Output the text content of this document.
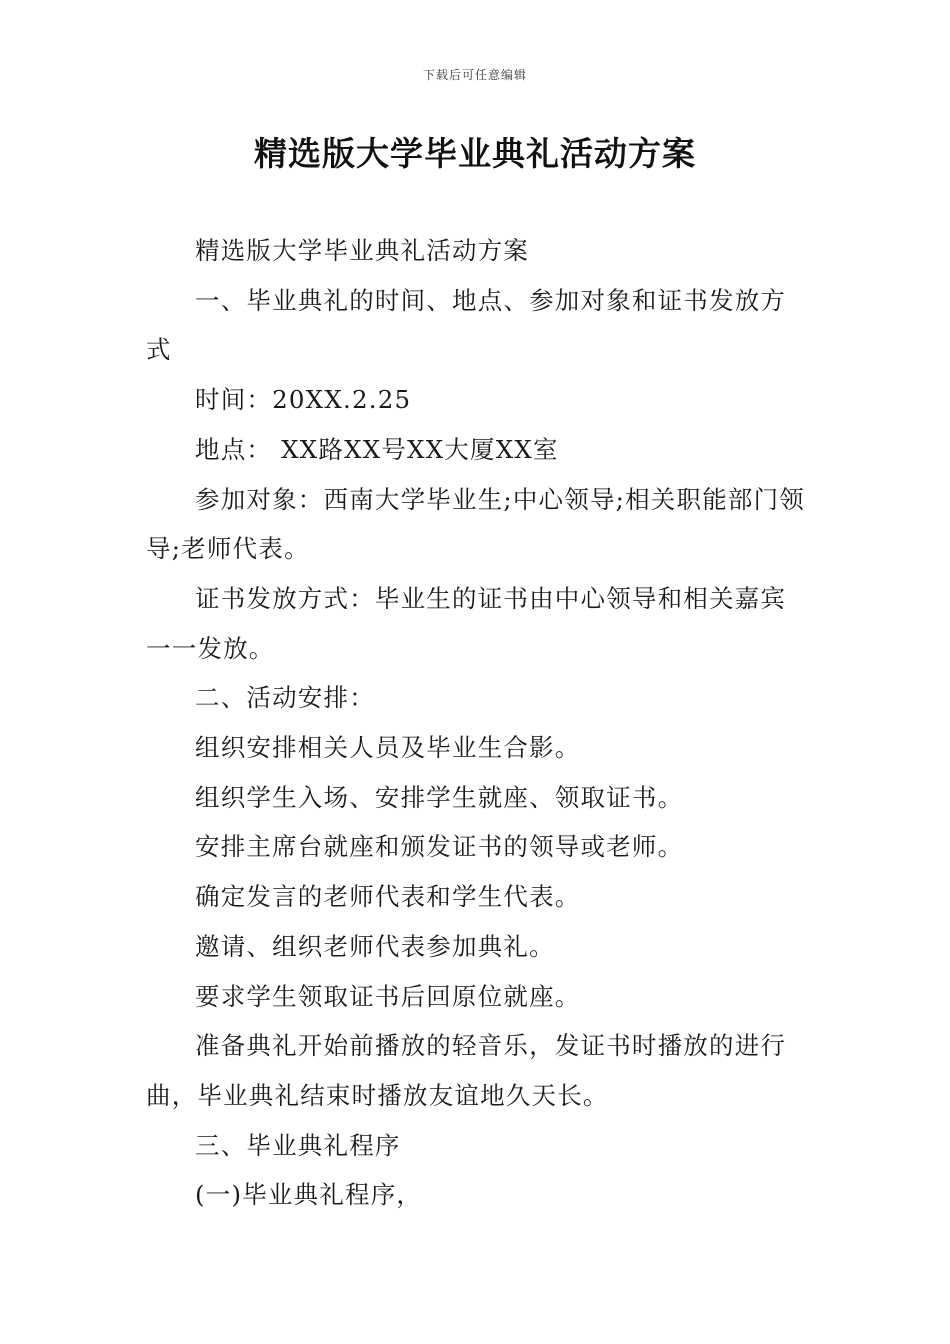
下载后可任意编辑
精选版大学毕业典礼活动方案

精选版大学毕业典礼活动方案

一、毕业典礼的时间、地点、参加对象和证书发放方式

时间：20XX.2.25

地点： XX路XX号XX大厦XX室

参加对象：西南大学毕业生;中心领导;相关职能部门领导;老师代表。

证书发放方式：毕业生的证书由中心领导和相关嘉宾一一发放。

二、活动安排：

组织安排相关人员及毕业生合影。

组织学生入场、安排学生就座、领取证书。

安排主席台就座和颁发证书的领导或老师。

确定发言的老师代表和学生代表。

邀请、组织老师代表参加典礼。

要求学生领取证书后回原位就座。

准备典礼开始前播放的轻音乐，发证书时播放的进行曲，毕业典礼结束时播放友谊地久天长。

三、毕业典礼程序

(一)毕业典礼程序，
